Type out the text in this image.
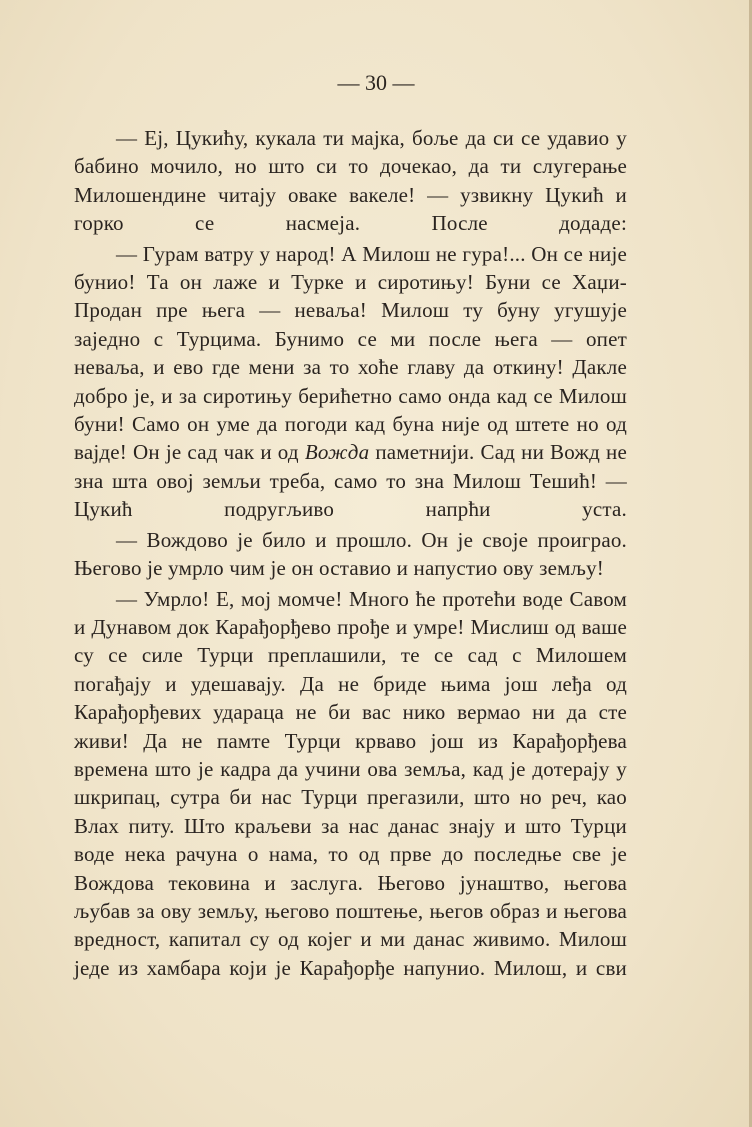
— 30 —

— Еј, Цукићу, кукала ти мајка, боље да си се удавио у бабино мочило, но што си то дочекао, да ти слугерање Милошендине читају оваке вакеле! — узвикну Цукић и горко се насмеја. После додаде:

— Гурам ватру у народ! А Милош не гура!... Он се није бунио! Та он лаже и Турке и сиротињу! Буни се Хаџи-Продан пре њега — неваља! Милош ту буну угушује заједно с Турцима. Бунимо се ми после њега — опет неваља, и ево где мени за то хоће главу да откину! Дакле добро је, и за сиротињу берићетно само онда кад се Милош буни! Само он уме да погоди кад буна није од штете но од вајде! Он је сад чак и од Вожда паметнији. Сад ни Вожд не зна шта овој земљи треба, само то зна Милош Тешић! — Цукић подругљиво напрћи уста.

— Вождово је било и прошло. Он је своје проиграо. Његово је умрло чим је он оставио и напустио ову земљу!

— Умрло! Е, мој момче! Много ће протећи воде Савом и Дунавом док Карађорђево прође и умре! Мислиш од ваше су се силе Турци преплашили, те се сад с Милошем погађају и удешавају. Да не бриде њима још леђа од Карађорђевих удараца не би вас нико вермао ни да сте живи! Да не памте Турци крваво још из Карађорђева времена што је кадра да учини ова земља, кад је дотерају у шкрипац, сутра би нас Турци прегазили, што но реч, као Влах питу. Што краљеви за нас данас знају и што Турци воде нека рачуна о нама, то од прве до последње све је Вождова тековина и заслуга. Његово јунаштво, његова љубав за ову земљу, његово поштење, његов образ и његова вредност, капитал су од којег и ми данас живимо. Милош једе из хамбара који је Карађорђе напунио. Милош, и сви
